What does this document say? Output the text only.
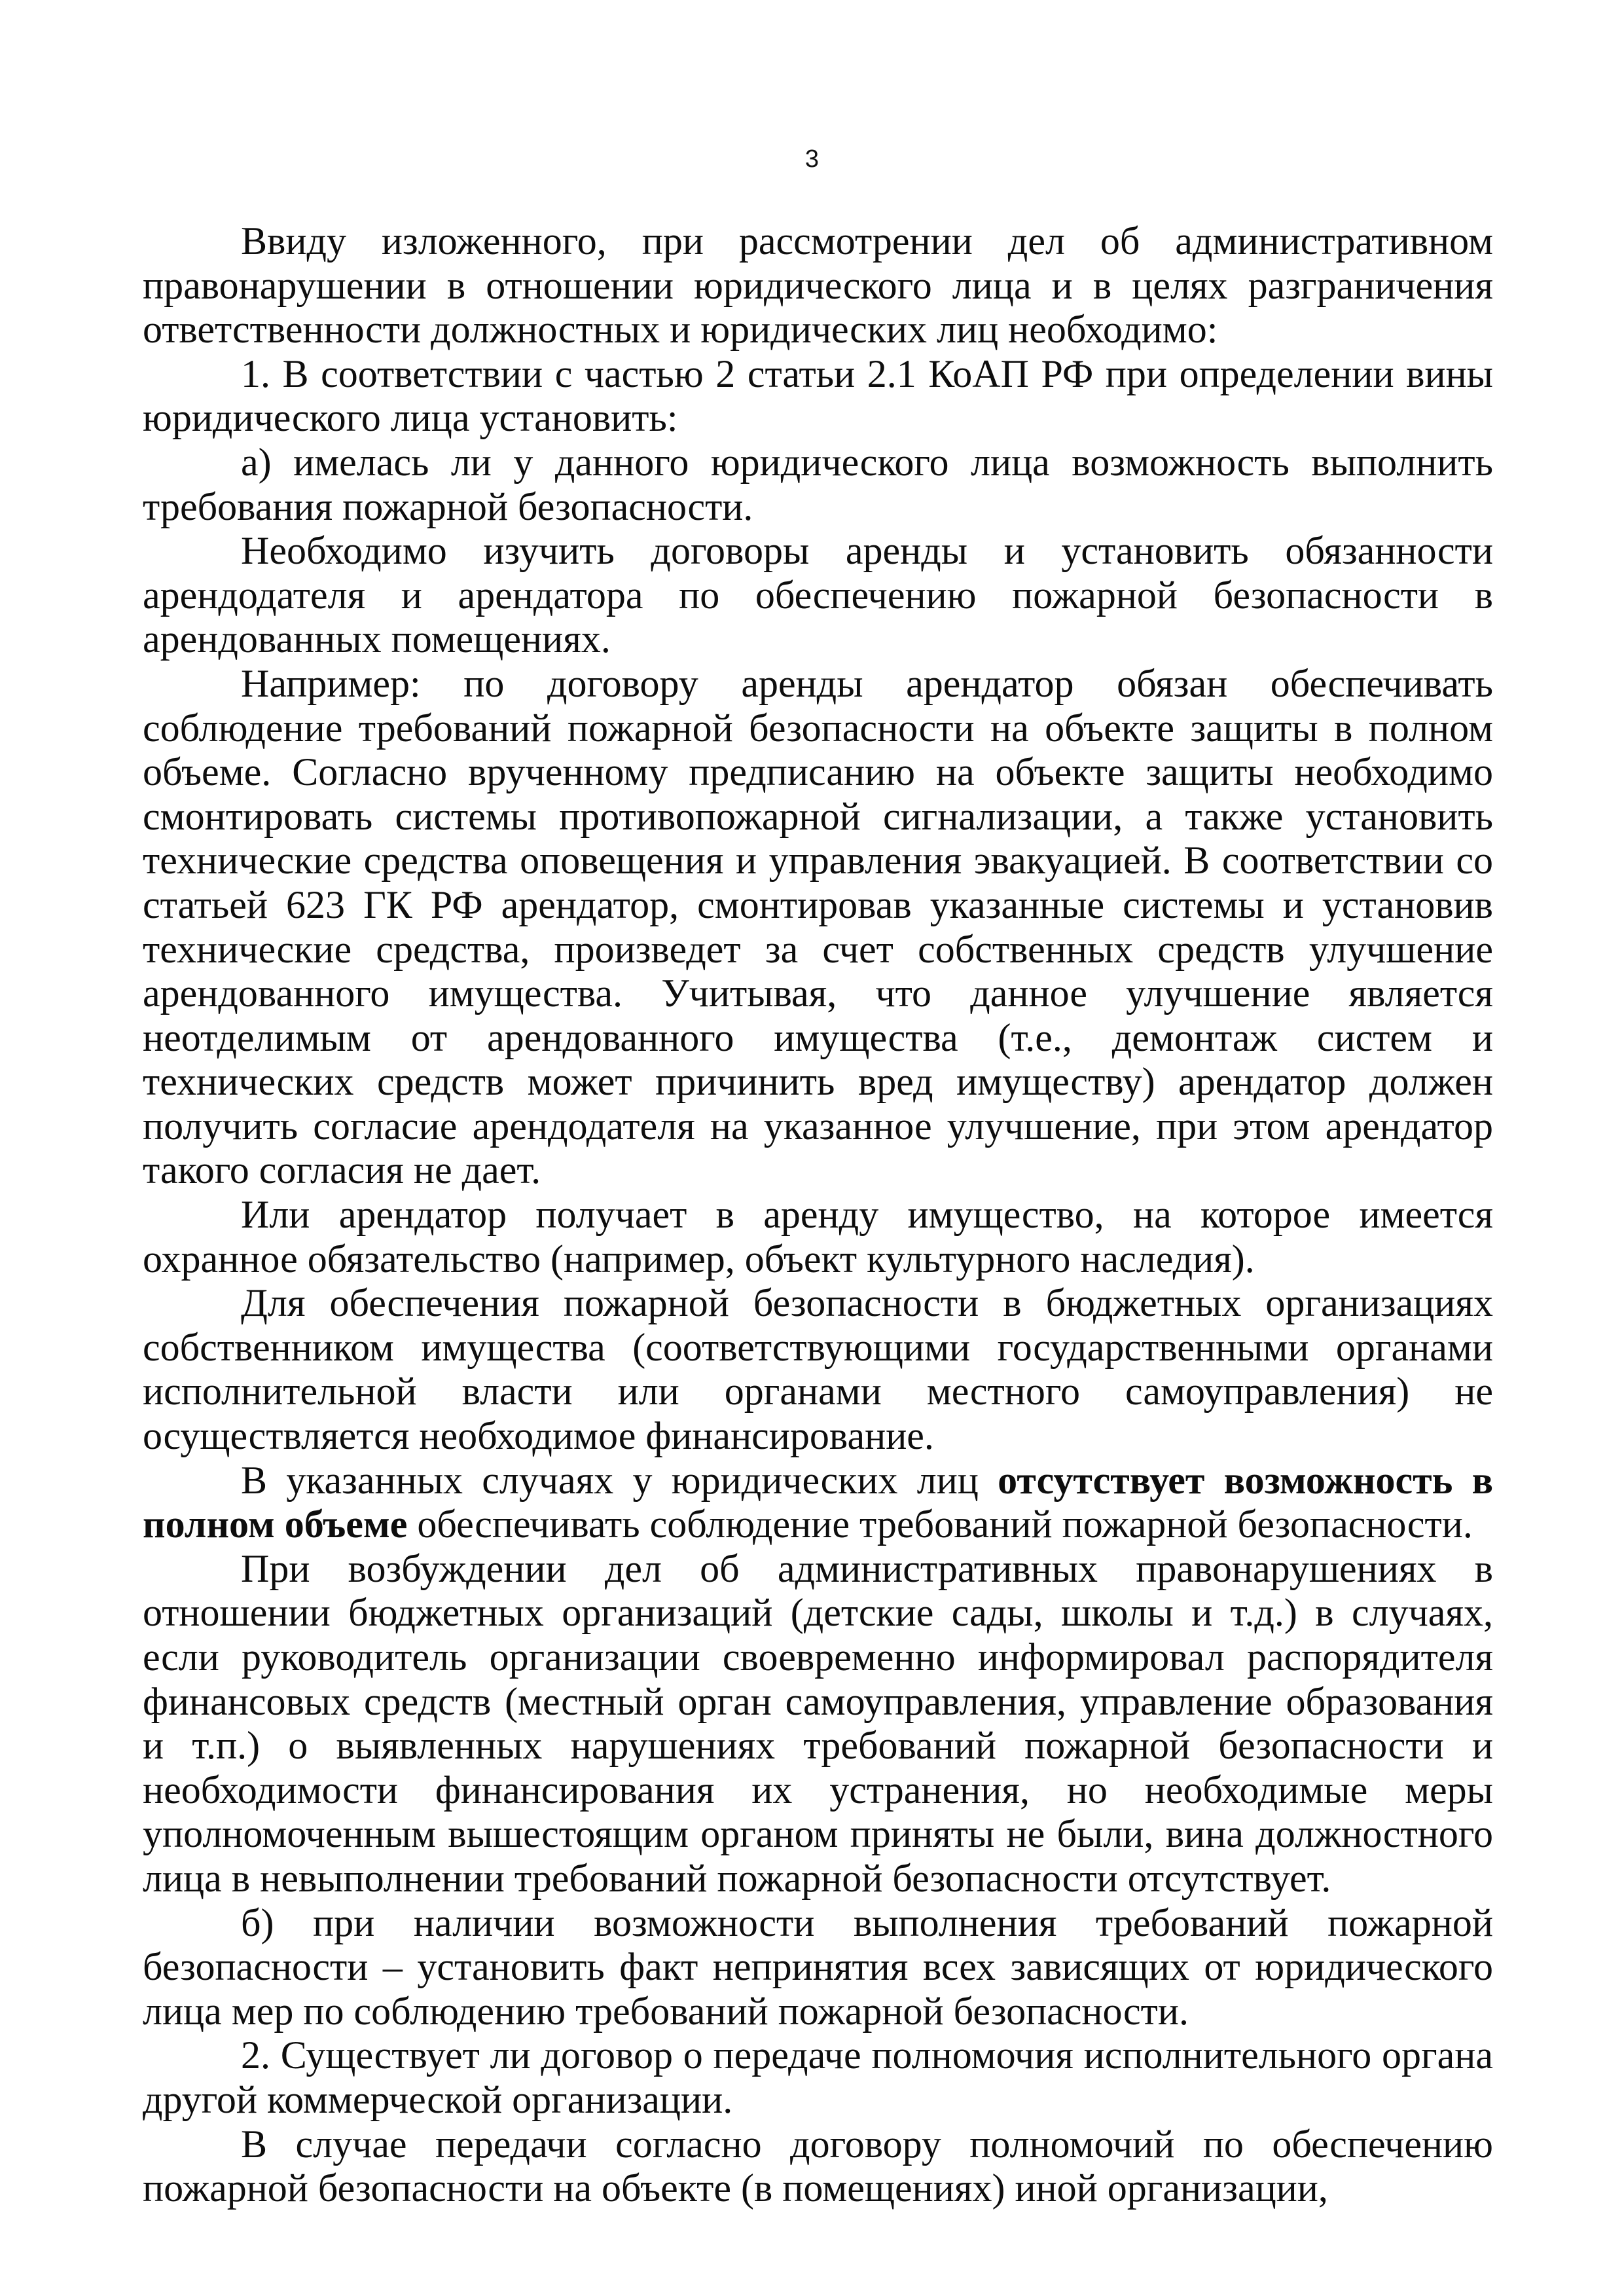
3

Ввиду изложенного, при рассмотрении дел об административном правонарушении в отношении юридического лица и в целях разграничения ответственности должностных и юридических лиц необходимо:

1. В соответствии с частью 2 статьи 2.1 КоАП РФ при определении вины юридического лица установить:

а) имелась ли у данного юридического лица возможность выполнить требования пожарной безопасности.

Необходимо изучить договоры аренды и установить обязанности арендодателя и арендатора по обеспечению пожарной безопасности в арендованных помещениях.

Например: по договору аренды арендатор обязан обеспечивать соблюдение требований пожарной безопасности на объекте защиты в полном объеме. Согласно врученному предписанию на объекте защиты необходимо смонтировать системы противопожарной сигнализации, а также установить технические средства оповещения и управления эвакуацией. В соответствии со статьей 623 ГК РФ арендатор, смонтировав указанные системы и установив технические средства, произведет за счет собственных средств улучшение арендованного имущества. Учитывая, что данное улучшение является неотделимым от арендованного имущества (т.е., демонтаж систем и технических средств может причинить вред имуществу) арендатор должен получить согласие арендодателя на указанное улучшение, при этом арендатор такого согласия не дает.

Или арендатор получает в аренду имущество, на которое имеется охранное обязательство (например, объект культурного наследия).

Для обеспечения пожарной безопасности в бюджетных организациях собственником имущества (соответствующими государственными органами исполнительной власти или органами местного самоуправления) не осуществляется необходимое финансирование.

В указанных случаях у юридических лиц отсутствует возможность в полном объеме обеспечивать соблюдение требований пожарной безопасности.

При возбуждении дел об административных правонарушениях в отношении бюджетных организаций (детские сады, школы и т.д.) в случаях, если руководитель организации своевременно информировал распорядителя финансовых средств (местный орган самоуправления, управление образования и т.п.) о выявленных нарушениях требований пожарной безопасности и необходимости финансирования их устранения, но необходимые меры уполномоченным вышестоящим органом приняты не были, вина должностного лица в невыполнении требований пожарной безопасности отсутствует.

б) при наличии возможности выполнения требований пожарной безопасности – установить факт непринятия всех зависящих от юридического лица мер по соблюдению требований пожарной безопасности.

2. Существует ли договор о передаче полномочия исполнительного органа другой коммерческой организации.

В случае передачи согласно договору полномочий по обеспечению пожарной безопасности на объекте (в помещениях) иной организации,
